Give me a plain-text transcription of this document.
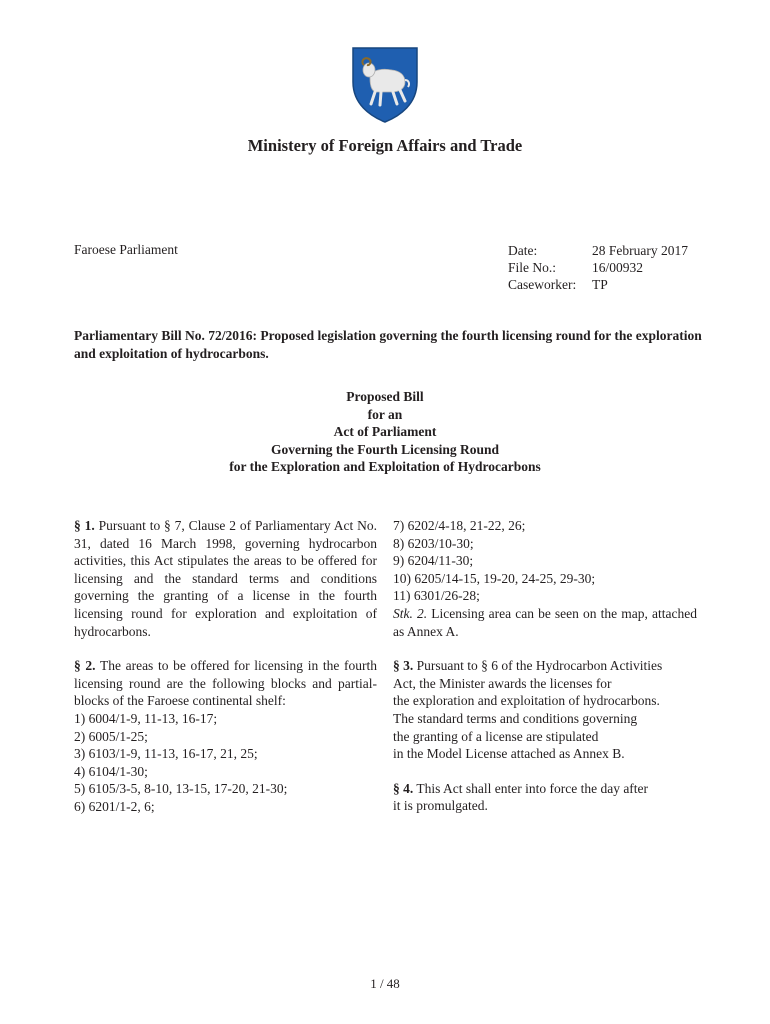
Ministery of Foreign Affairs and Trade
Faroese Parliament	Date:	28 February 2017
File No.:	16/00932
Caseworker:	TP
Parliamentary Bill No. 72/2016: Proposed legislation governing the fourth licensing round for the exploration and exploitation of hydrocarbons.
Proposed Bill
for an
Act of Parliament
Governing the Fourth Licensing Round
for the Exploration and Exploitation of Hydrocarbons
§ 1. Pursuant to § 7, Clause 2 of Parliamentary Act No. 31, dated 16 March 1998, governing hydrocarbon activities, this Act stipulates the areas to be offered for licensing and the standard terms and conditions governing the granting of a license in the fourth licensing round for exploration and exploitation of hydrocarbons.
§ 2. The areas to be offered for licensing in the fourth licensing round are the following blocks and partial-blocks of the Faroese continental shelf:
1) 6004/1-9, 11-13, 16-17;
2) 6005/1-25;
3) 6103/1-9, 11-13, 16-17, 21, 25;
4) 6104/1-30;
5) 6105/3-5, 8-10, 13-15, 17-20, 21-30;
6) 6201/1-2, 6;
7) 6202/4-18, 21-22, 26;
8) 6203/10-30;
9) 6204/11-30;
10) 6205/14-15, 19-20, 24-25, 29-30;
11) 6301/26-28;
Stk. 2. Licensing area can be seen on the map, attached as Annex A.
§ 3. Pursuant to § 6 of the Hydrocarbon Activities
Act, the Minister awards the licenses for
the exploration and exploitation of hydrocarbons.
The standard terms and conditions governing
the granting of a license are stipulated
in the Model License attached as Annex B.
§ 4. This Act shall enter into force the day after
it is promulgated.
1 / 48
